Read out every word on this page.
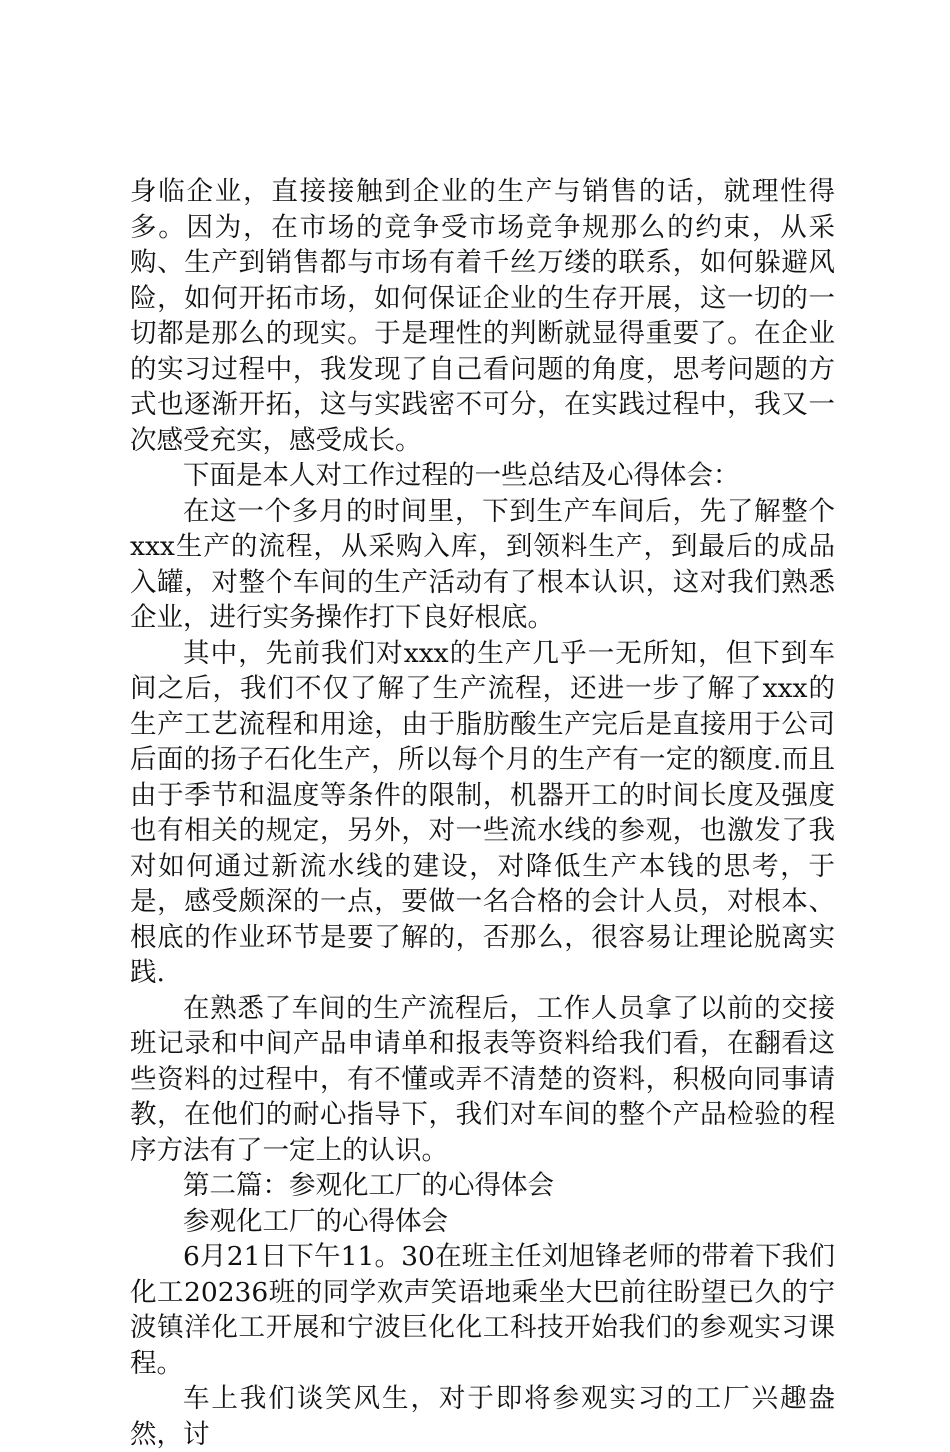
身临企业，直接接触到企业的生产与销售的话，就理性得多。因为，在市场的竞争受市场竞争规那么的约束，从采购、生产到销售都与市场有着千丝万缕的联系，如何躲避风险，如何开拓市场，如何保证企业的生存开展，这一切的一切都是那么的现实。于是理性的判断就显得重要了。在企业的实习过程中，我发现了自己看问题的角度，思考问题的方式也逐渐开拓，这与实践密不可分，在实践过程中，我又一次感受充实，感受成长。

下面是本人对工作过程的一些总结及心得体会：

在这一个多月的时间里，下到生产车间后，先了解整个xxx生产的流程，从采购入库，到领料生产，到最后的成品入罐，对整个车间的生产活动有了根本认识，这对我们熟悉企业，进行实务操作打下良好根底。

其中，先前我们对xxx的生产几乎一无所知，但下到车间之后，我们不仅了解了生产流程，还进一步了解了xxx的生产工艺流程和用途，由于脂肪酸生产完后是直接用于公司后面的扬子石化生产，所以每个月的生产有一定的额度.而且由于季节和温度等条件的限制，机器开工的时间长度及强度也有相关的规定，另外，对一些流水线的参观，也激发了我对如何通过新流水线的建设，对降低生产本钱的思考，于是，感受颇深的一点，要做一名合格的会计人员，对根本、根底的作业环节是要了解的，否那么，很容易让理论脱离实践.

在熟悉了车间的生产流程后，工作人员拿了以前的交接班记录和中间产品申请单和报表等资料给我们看，在翻看这些资料的过程中，有不懂或弄不清楚的资料，积极向同事请教，在他们的耐心指导下，我们对车间的整个产品检验的程序方法有了一定上的认识。

第二篇：参观化工厂的心得体会

参观化工厂的心得体会

6月21日下午11。30在班主任刘旭锋老师的带着下我们化工20236班的同学欢声笑语地乘坐大巴前往盼望已久的宁波镇洋化工开展和宁波巨化化工科技开始我们的参观实习课程。

车上我们谈笑风生，对于即将参观实习的工厂兴趣盎然，讨
